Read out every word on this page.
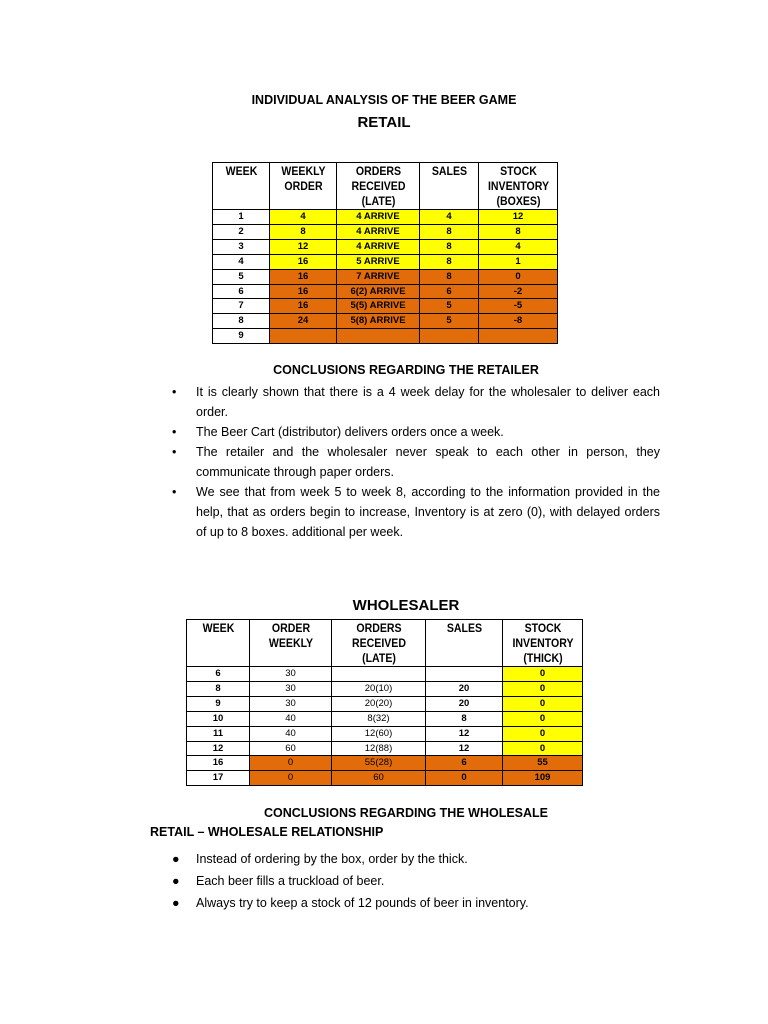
INDIVIDUAL ANALYSIS OF THE BEER GAME
RETAIL
WEEK	WEEKLY ORDER	ORDERS RECEIVED (LATE)	SALES	STOCK INVENTORY (BOXES)
1	4	4 ARRIVE	4	12
2	8	4 ARRIVE	8	8
3	12	4 ARRIVE	8	4
4	16	5 ARRIVE	8	1
5	16	7 ARRIVE	8	0
6	16	6(2) ARRIVE	6	-2
7	16	5(5) ARRIVE	5	-5
8	24	5(8) ARRIVE	5	-8
9				
CONCLUSIONS REGARDING THE RETAILER
• It is clearly shown that there is a 4 week delay for the wholesaler to deliver each order.
• The Beer Cart (distributor) delivers orders once a week.
• The retailer and the wholesaler never speak to each other in person, they communicate through paper orders.
• We see that from week 5 to week 8, according to the information provided in the help, that as orders begin to increase, Inventory is at zero (0), with delayed orders of up to 8 boxes. additional per week.
WHOLESALER
WEEK	ORDER WEEKLY	ORDERS RECEIVED (LATE)	SALES	STOCK INVENTORY (THICK)
6	30			0
8	30	20(10)	20	0
9	30	20(20)	20	0
10	40	8(32)	8	0
11	40	12(60)	12	0
12	60	12(88)	12	0
16	0	55(28)	6	55
17	0	60	0	109
CONCLUSIONS REGARDING THE WHOLESALE
RETAIL – WHOLESALE RELATIONSHIP
● Instead of ordering by the box, order by the thick.
● Each beer fills a truckload of beer.
● Always try to keep a stock of 12 pounds of beer in inventory.
